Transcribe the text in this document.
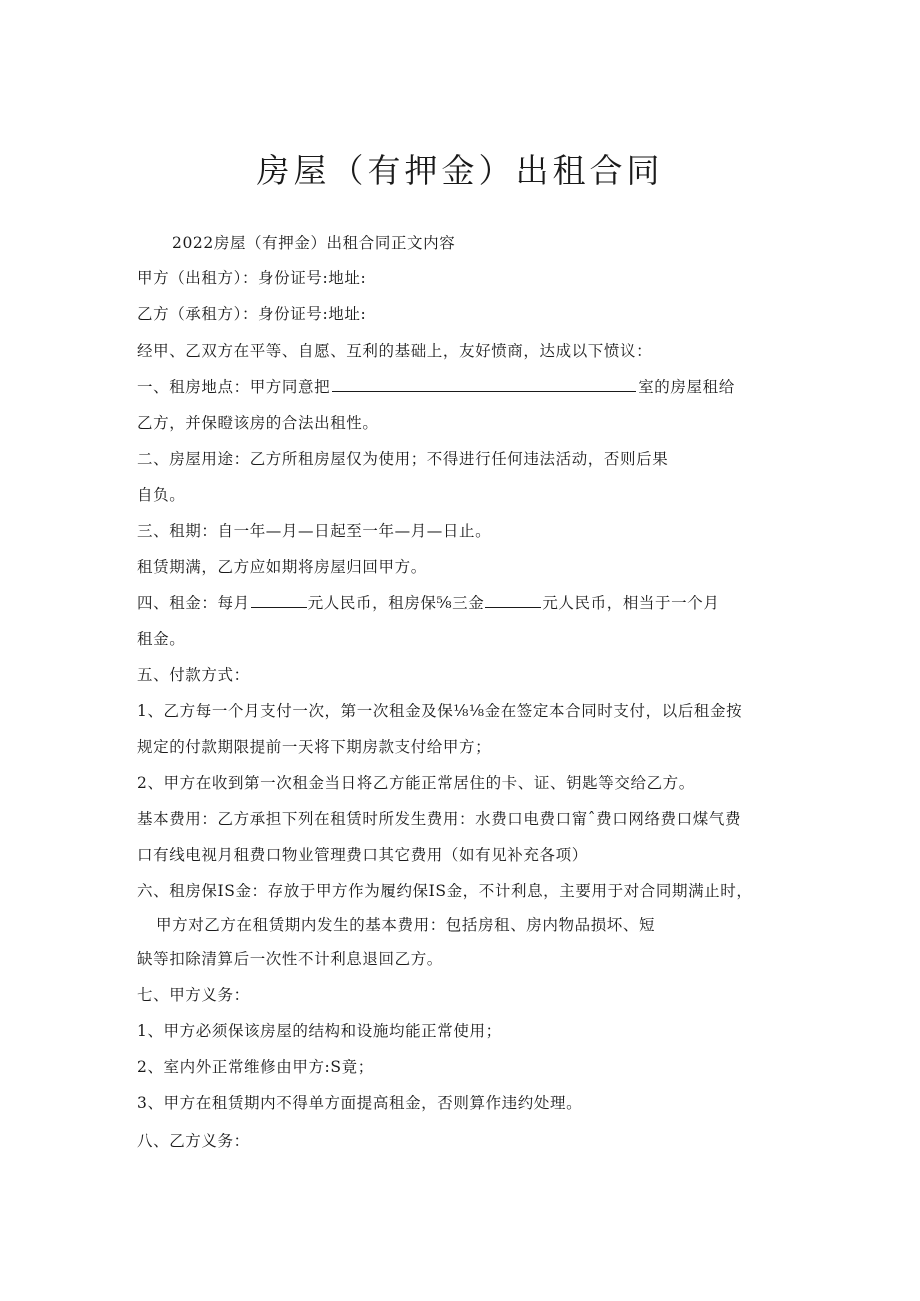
房屋（有押金）出租合同
2022房屋（有押金）出租合同正文内容
甲方（出租方）：身份证号:地址:
乙方（承租方）：身份证号:地址:
经甲、乙双方在平等、自愿、互利的基础上，友好愤商，达成以下愤议：
一、租房地点：甲方同意把	室的房屋租给
乙方，并保瞪该房的合法出租性。
二、房屋用途：乙方所租房屋仅为使用；不得进行任何违法活动，否则后果
自负。
三、租期：自一年—月—日起至一年—月—日止。
租赁期满，乙方应如期将房屋归回甲方。
四、租金：每月	元人民币，租房保⅝三金	元人民币，相当于一个月
租金。
五、付款方式：
1、乙方每一个月支付一次，第一次租金及保⅛⅛金在签定本合同时支付，以后租金按
规定的付款期限提前一天将下期房款支付给甲方；
2、甲方在收到第一次租金当日将乙方能正常居住的卡、证、钥匙等交给乙方。
基本费用：乙方承担下列在租赁时所发生费用：水费口电费口甯ˆ费口网络费口煤气费
口有线电视月租费口物业管理费口其它费用（如有见补充各项）
六、租房保IS金：存放于甲方作为履约保IS金，不计利息，主要用于对合同期满止时，
甲方对乙方在租赁期内发生的基本费用：包括房租、房内物品损坏、短
缺等扣除清算后一次性不计利息退回乙方。
七、甲方义务：
1、甲方必须保该房屋的结构和设施均能正常使用；
2、室内外正常维修由甲方:S竟；
3、甲方在租赁期内不得单方面提高租金，否则算作违约处理。
八、乙方义务：
